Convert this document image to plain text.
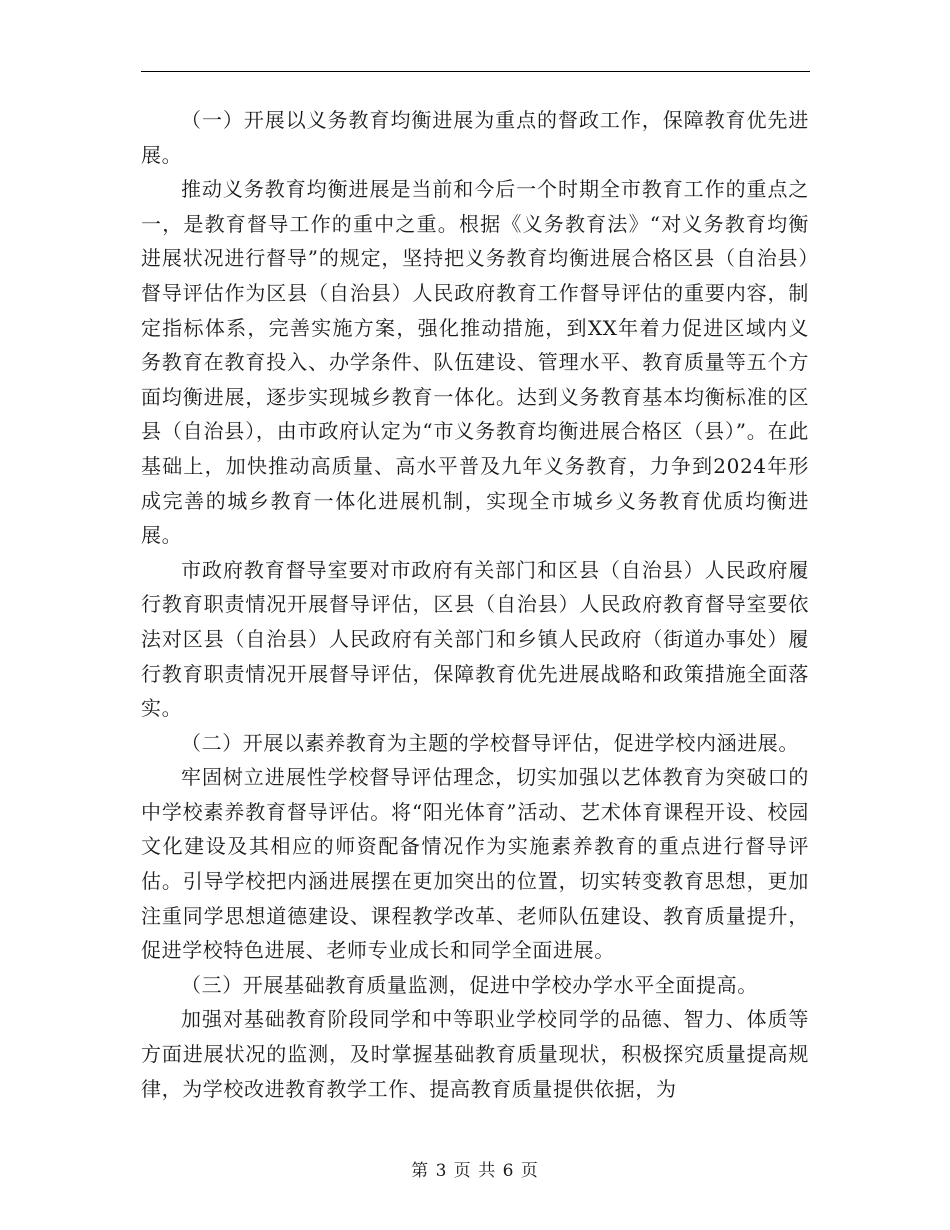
（一）开展以义务教育均衡进展为重点的督政工作，保障教育优先进展。

推动义务教育均衡进展是当前和今后一个时期全市教育工作的重点之一，是教育督导工作的重中之重。根据《义务教育法》“对义务教育均衡进展状况进行督导”的规定，坚持把义务教育均衡进展合格区县（自治县）督导评估作为区县（自治县）人民政府教育工作督导评估的重要内容，制定指标体系，完善实施方案，强化推动措施，到XX年着力促进区域内义务教育在教育投入、办学条件、队伍建设、管理水平、教育质量等五个方面均衡进展，逐步实现城乡教育一体化。达到义务教育基本均衡标准的区县（自治县），由市政府认定为“市义务教育均衡进展合格区（县）”。在此基础上，加快推动高质量、高水平普及九年义务教育，力争到2024年形成完善的城乡教育一体化进展机制，实现全市城乡义务教育优质均衡进展。

市政府教育督导室要对市政府有关部门和区县（自治县）人民政府履行教育职责情况开展督导评估，区县（自治县）人民政府教育督导室要依法对区县（自治县）人民政府有关部门和乡镇人民政府（街道办事处）履行教育职责情况开展督导评估，保障教育优先进展战略和政策措施全面落实。

（二）开展以素养教育为主题的学校督导评估，促进学校内涵进展。

牢固树立进展性学校督导评估理念，切实加强以艺体教育为突破口的中学校素养教育督导评估。将“阳光体育”活动、艺术体育课程开设、校园文化建设及其相应的师资配备情况作为实施素养教育的重点进行督导评估。引导学校把内涵进展摆在更加突出的位置，切实转变教育思想，更加注重同学思想道德建设、课程教学改革、老师队伍建设、教育质量提升，促进学校特色进展、老师专业成长和同学全面进展。

（三）开展基础教育质量监测，促进中学校办学水平全面提高。

加强对基础教育阶段同学和中等职业学校同学的品德、智力、体质等方面进展状况的监测，及时掌握基础教育质量现状，积极探究质量提高规律，为学校改进教育教学工作、提高教育质量提供依据，为

第 3 页 共 6 页
